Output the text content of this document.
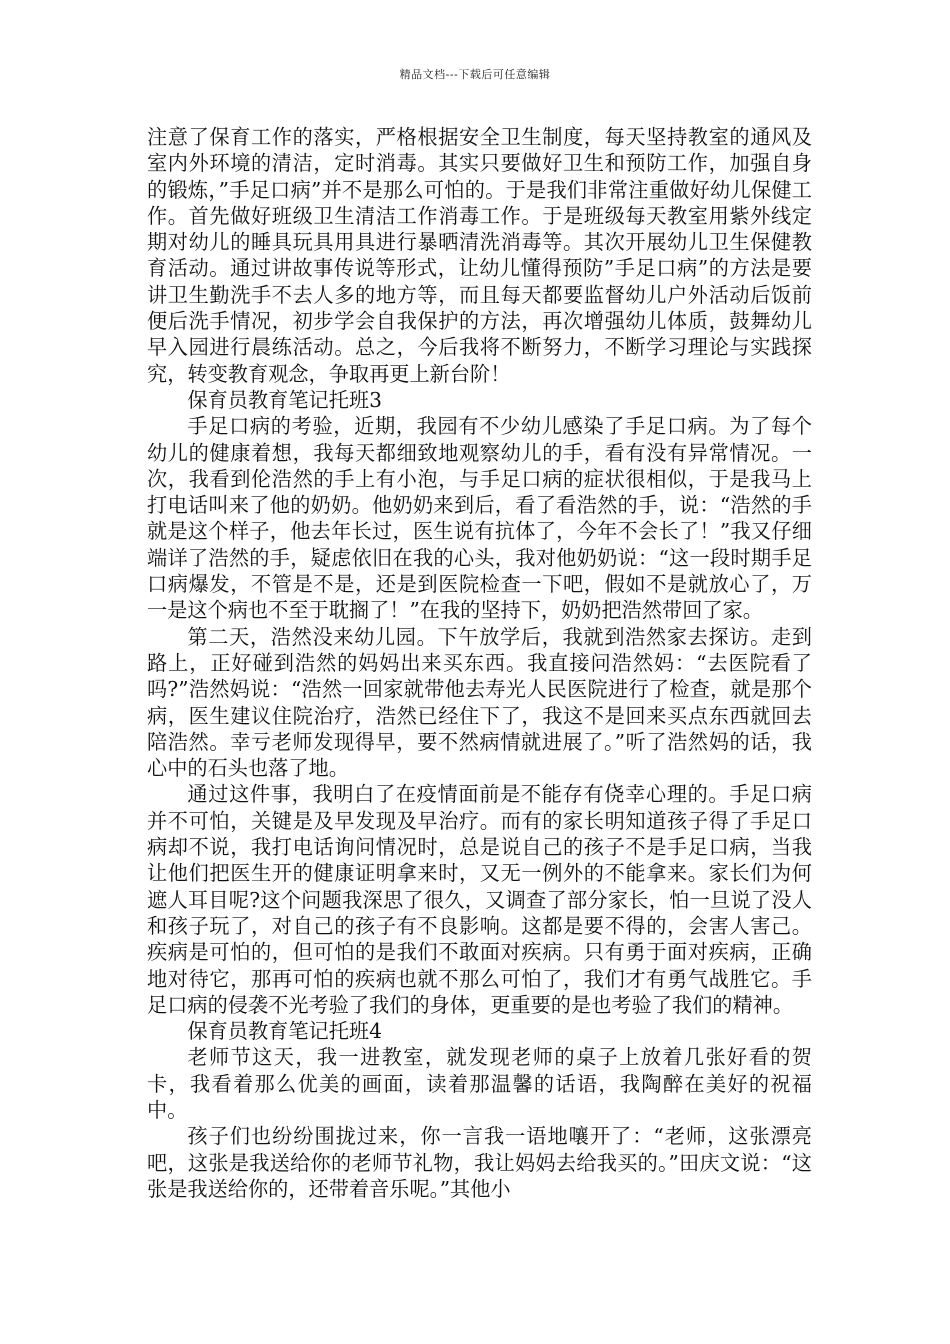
精品文档---下载后可任意编辑

注意了保育工作的落实，严格根据安全卫生制度，每天坚持教室的通风及室内外环境的清洁，定时消毒。其实只要做好卫生和预防工作，加强自身的锻炼，”手足口病”并不是那么可怕的。于是我们非常注重做好幼儿保健工作。首先做好班级卫生清洁工作消毒工作。于是班级每天教室用紫外线定期对幼儿的睡具玩具用具进行暴晒清洗消毒等。其次开展幼儿卫生保健教育活动。通过讲故事传说等形式，让幼儿懂得预防”手足口病”的方法是要讲卫生勤洗手不去人多的地方等，而且每天都要监督幼儿户外活动后饭前便后洗手情况，初步学会自我保护的方法，再次增强幼儿体质，鼓舞幼儿早入园进行晨练活动。总之，今后我将不断努力，不断学习理论与实践探究，转变教育观念，争取再更上新台阶！

保育员教育笔记托班3

手足口病的考验，近期，我园有不少幼儿感染了手足口病。为了每个幼儿的健康着想，我每天都细致地观察幼儿的手，看有没有异常情况。一次，我看到伦浩然的手上有小泡，与手足口病的症状很相似，于是我马上打电话叫来了他的奶奶。他奶奶来到后，看了看浩然的手，说：“浩然的手就是这个样子，他去年长过，医生说有抗体了，今年不会长了！”我又仔细端详了浩然的手，疑虑依旧在我的心头，我对他奶奶说：“这一段时期手足口病爆发，不管是不是，还是到医院检查一下吧，假如不是就放心了，万一是这个病也不至于耽搁了！”在我的坚持下，奶奶把浩然带回了家。

第二天，浩然没来幼儿园。下午放学后，我就到浩然家去探访。走到路上，正好碰到浩然的妈妈出来买东西。我直接问浩然妈：“去医院看了吗?”浩然妈说：“浩然一回家就带他去寿光人民医院进行了检查，就是那个病，医生建议住院治疗，浩然已经住下了，我这不是回来买点东西就回去陪浩然。幸亏老师发现得早，要不然病情就进展了。”听了浩然妈的话，我心中的石头也落了地。

通过这件事，我明白了在疫情面前是不能存有侥幸心理的。手足口病并不可怕，关键是及早发现及早治疗。而有的家长明知道孩子得了手足口病却不说，我打电话询问情况时，总是说自己的孩子不是手足口病，当我让他们把医生开的健康证明拿来时，又无一例外的不能拿来。家长们为何遮人耳目呢?这个问题我深思了很久，又调查了部分家长，怕一旦说了没人和孩子玩了，对自己的孩子有不良影响。这都是要不得的，会害人害己。疾病是可怕的，但可怕的是我们不敢面对疾病。只有勇于面对疾病，正确地对待它，那再可怕的疾病也就不那么可怕了，我们才有勇气战胜它。手足口病的侵袭不光考验了我们的身体，更重要的是也考验了我们的精神。

保育员教育笔记托班4

老师节这天，我一进教室，就发现老师的桌子上放着几张好看的贺卡，我看着那么优美的画面，读着那温馨的话语，我陶醉在美好的祝福中。

孩子们也纷纷围拢过来，你一言我一语地嚷开了：“老师，这张漂亮吧，这张是我送给你的老师节礼物，我让妈妈去给我买的。”田庆文说：“这张是我送给你的，还带着音乐呢。”其他小
